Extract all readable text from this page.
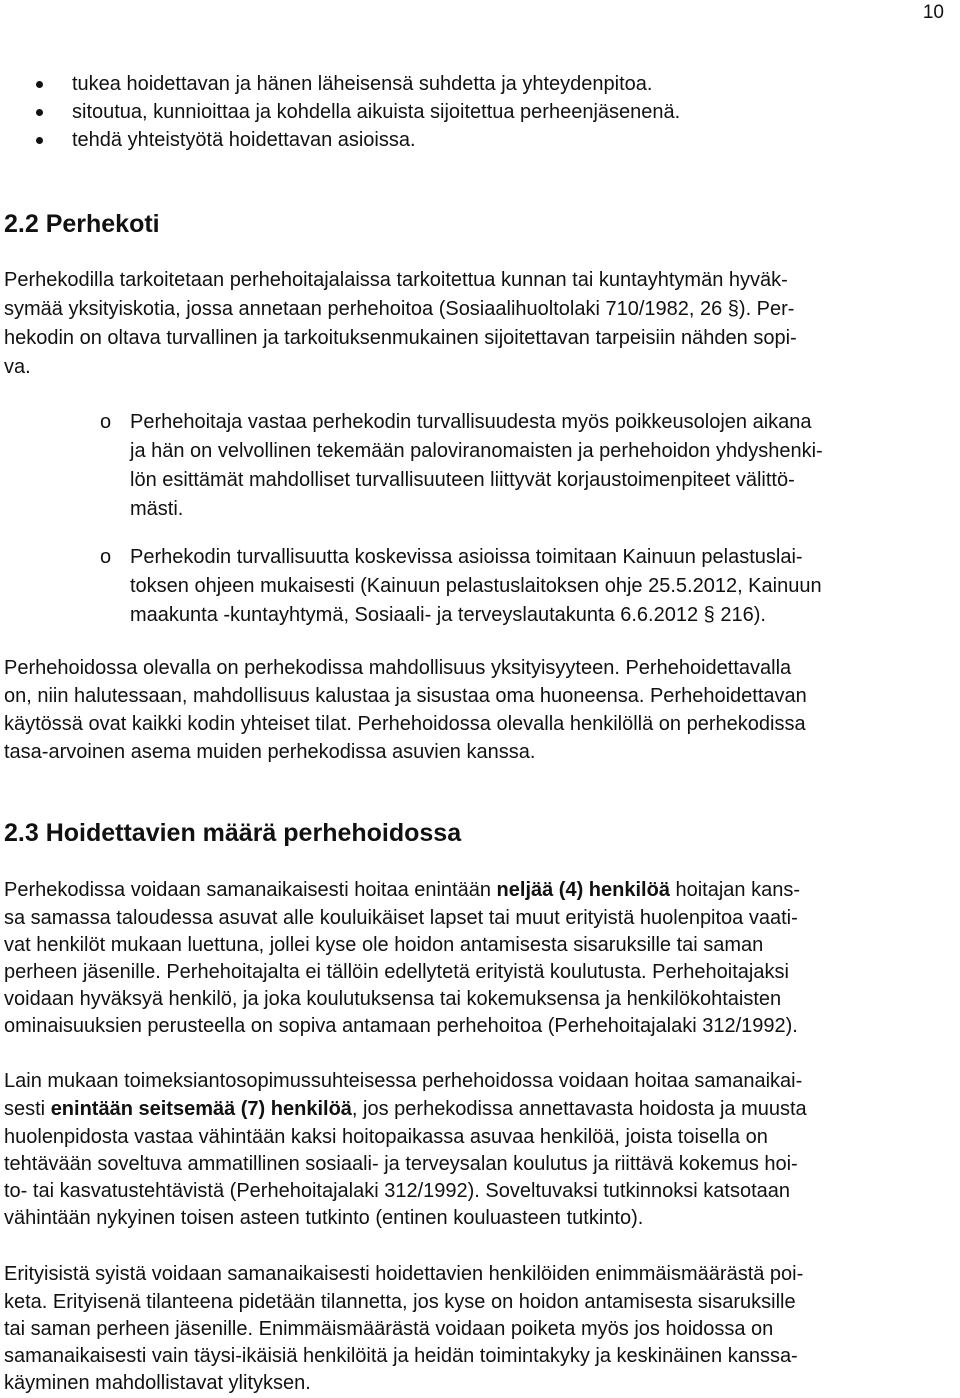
10
tukea hoidettavan ja hänen läheisensä suhdetta ja yhteydenpitoa.
sitoutua, kunnioittaa ja kohdella aikuista sijoitettua perheenjäsenenä.
tehdä yhteistyötä hoidettavan asioissa.
2.2 Perhekoti
Perhekodilla tarkoitetaan perhehoitajalaissa tarkoitettua kunnan tai kuntayhtymän hyväk-
symää yksityiskotia, jossa annetaan perhehoitoa (Sosiaalihuoltolaki 710/1982, 26 §). Per-
hekodin on oltava turvallinen ja tarkoituksenmukainen sijoitettavan tarpeisiin nähden sopi-
va.
o Perhehoitaja vastaa perhekodin turvallisuudesta myös poikkeusolojen aikana
ja hän on velvollinen tekemään paloviranomaisten ja perhehoidon yhdyshenki-
lön esittämät mahdolliset turvallisuuteen liittyvät korjaustoimenpiteet välittö-
mästi.
o Perhekodin turvallisuutta koskevissa asioissa toimitaan Kainuun pelastuslai-
toksen ohjeen mukaisesti (Kainuun pelastuslaitoksen ohje 25.5.2012, Kainuun
maakunta -kuntayhtymä, Sosiaali- ja terveyslautakunta 6.6.2012 § 216).
Perhehoidossa olevalla on perhekodissa mahdollisuus yksityisyyteen. Perhehoidettavalla
on, niin halutessaan, mahdollisuus kalustaa ja sisustaa oma huoneensa. Perhehoidettavan
käytössä ovat kaikki kodin yhteiset tilat. Perhehoidossa olevalla henkilöllä on perhekodissa
tasa-arvoinen asema muiden perhekodissa asuvien kanssa.
2.3 Hoidettavien määrä perhehoidossa
Perhekodissa voidaan samanaikaisesti hoitaa enintään neljää (4) henkilöä hoitajan kans-
sa samassa taloudessa asuvat alle kouluikäiset lapset tai muut erityistä huolenpitoa vaati-
vat henkilöt mukaan luettuna, jollei kyse ole hoidon antamisesta sisaruksille tai saman
perheen jäsenille. Perhehoitajalta ei tällöin edellytetä erityistä koulutusta. Perhehoitajaksi
voidaan hyväksyä henkilö, ja joka koulutuksensa tai kokemuksensa ja henkilökohtaisten
ominaisuuksien perusteella on sopiva antamaan perhehoitoa (Perhehoitajalaki 312/1992).
Lain mukaan toimeksiantosopimussuhteisessa perhehoidossa voidaan hoitaa samanaikai-
sesti enintään seitsemää (7) henkilöä, jos perhekodissa annettavasta hoidosta ja muusta
huolenpidosta vastaa vähintään kaksi hoitopaikassa asuvaa henkilöä, joista toisella on
tehtävään soveltuva ammatillinen sosiaali- ja terveysalan koulutus ja riittävä kokemus hoi-
to- tai kasvatustehtävistä (Perhehoitajalaki 312/1992). Soveltuvaksi tutkinnoksi katsotaan
vähintään nykyinen toisen asteen tutkinto (entinen kouluasteen tutkinto).
Erityisistä syistä voidaan samanaikaisesti hoidettavien henkilöiden enimmäismäärästä poi-
keta. Erityisenä tilanteena pidetään tilannetta, jos kyse on hoidon antamisesta sisaruksille
tai saman perheen jäsenille. Enimmäismäärästä voidaan poiketa myös jos hoidossa on
samanaikaisesti vain täysi-ikäisiä henkilöitä ja heidän toimintakyky ja keskinäinen kanssa-
käyminen mahdollistavat ylityksen.
